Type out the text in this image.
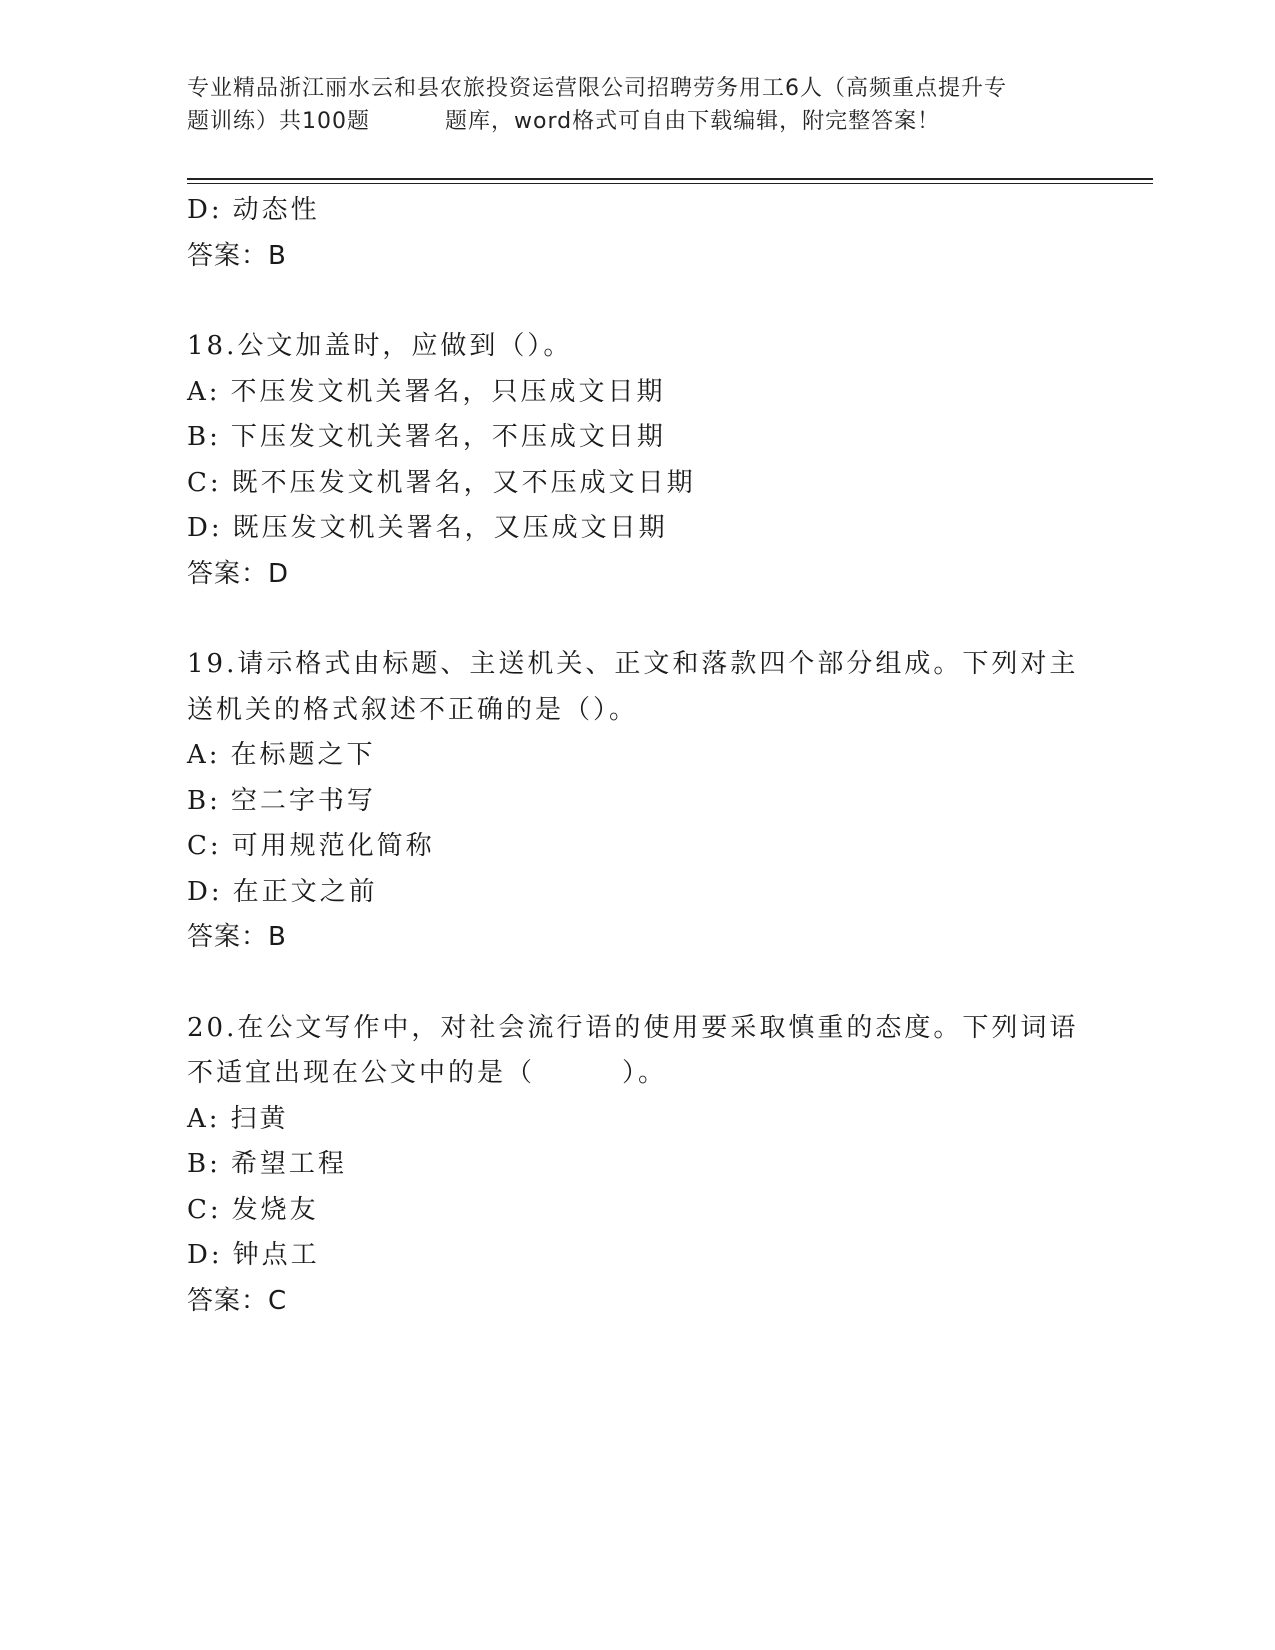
专业精品浙江丽水云和县农旅投资运营限公司招聘劳务用工6人（高频重点提升专
题训练）共100题	题库，word格式可自由下载编辑，附完整答案！
D: 动态性
答案：B
18.公文加盖时，应做到（）。
A: 不压发文机关署名，只压成文日期
B: 下压发文机关署名，不压成文日期
C: 既不压发文机署名，又不压成文日期
D: 既压发文机关署名，又压成文日期
答案：D
19.请示格式由标题、主送机关、正文和落款四个部分组成。下列对主
送机关的格式叙述不正确的是（）。
A: 在标题之下
B: 空二字书写
C: 可用规范化简称
D: 在正文之前
答案：B
20.在公文写作中，对社会流行语的使用要采取慎重的态度。下列词语
不适宜出现在公文中的是（　　　）。
A: 扫黄
B: 希望工程
C: 发烧友
D: 钟点工
答案：C
